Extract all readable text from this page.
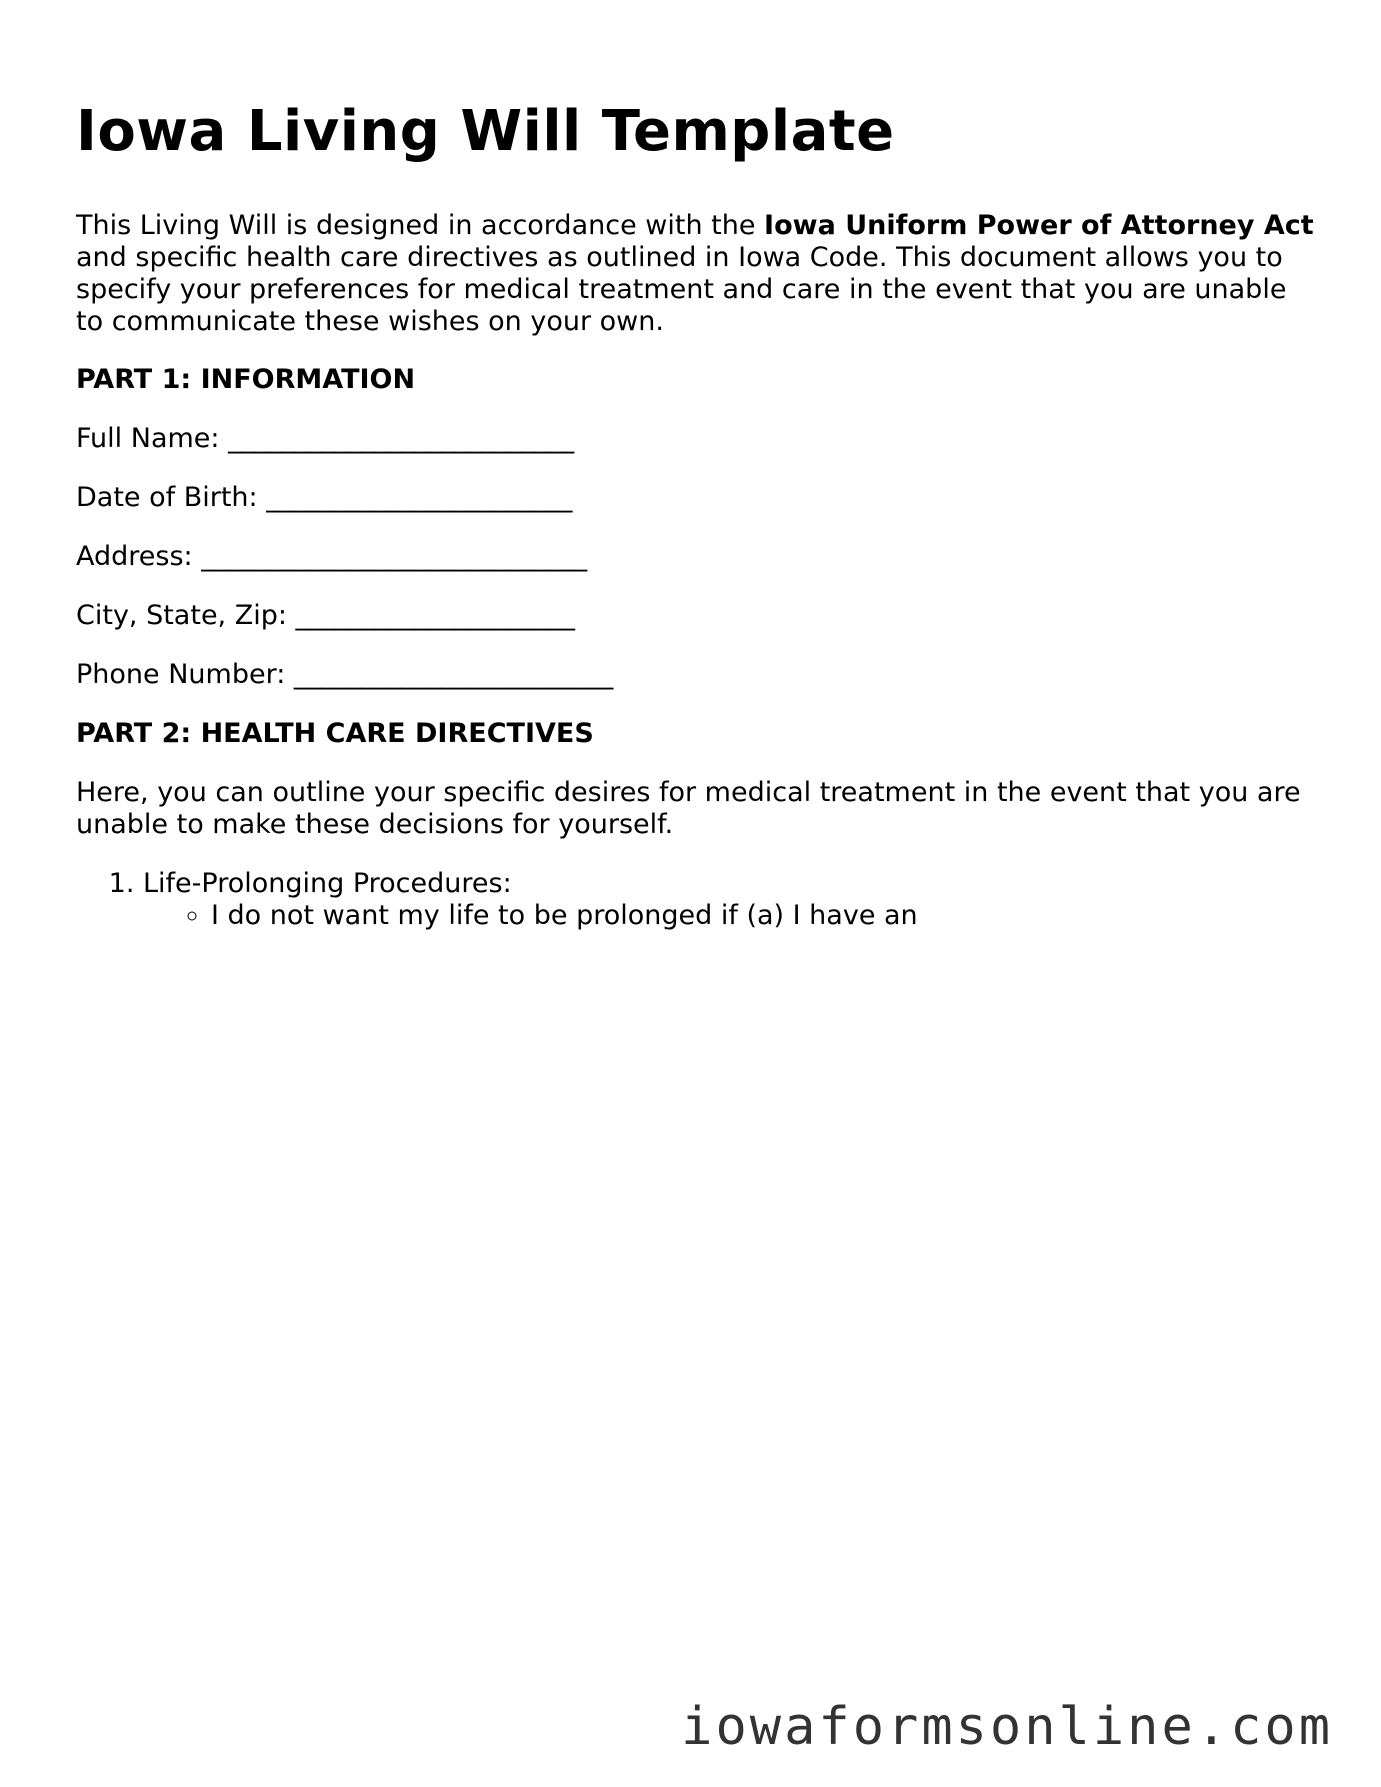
Iowa Living Will Template

This Living Will is designed in accordance with the Iowa Uniform Power of Attorney Act and specific health care directives as outlined in Iowa Code. This document allows you to specify your preferences for medical treatment and care in the event that you are unable to communicate these wishes on your own.

PART 1: INFORMATION
Full Name: __________________________
Date of Birth: _______________________
Address: _____________________________
City, State, Zip: _____________________
Phone Number: ________________________
PART 2: HEALTH CARE DIRECTIVES

Here, you can outline your specific desires for medical treatment in the event that you are unable to make these decisions for yourself.

1. Life-Prolonging Procedures:
◦ I do not want my life to be prolonged if (a) I have an
iowaformsonline.com
